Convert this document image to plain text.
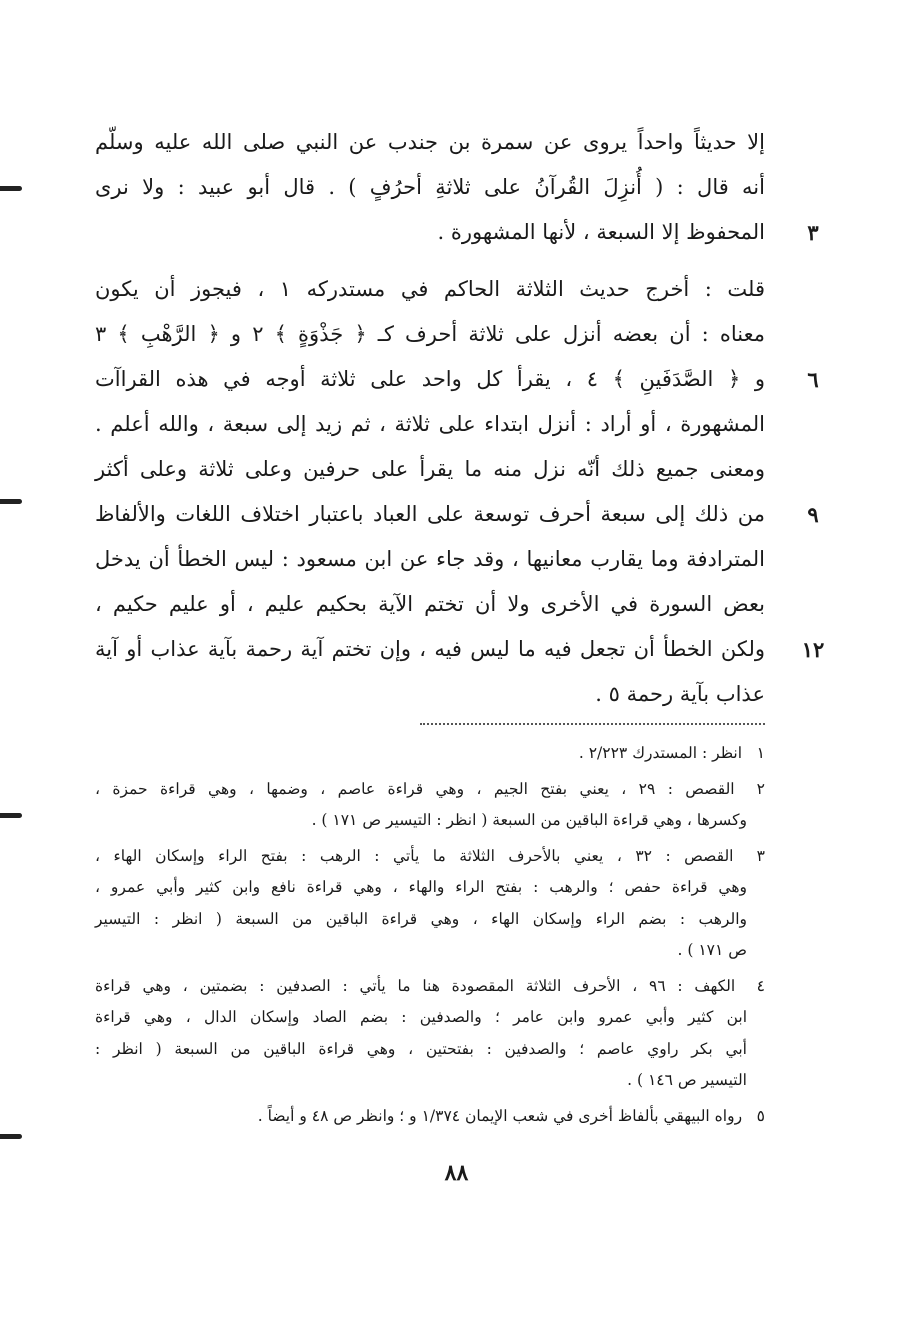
إلا حديثاً واحداً يروى عن سمرة بن جندب عن النبي صلى الله عليه وسلّم
أنه قال : ( أُنزِلَ القُرآنُ على ثلاثةِ أحرُفٍ ) . قال أبو عبيد : ولا نرى
المحفوظ إلا السبعة ، لأنها المشهورة .
قلت : أخرج حديث الثلاثة الحاكم في مستدركه ١ ، فيجوز أن يكون
معناه : أن بعضه أنزل على ثلاثة أحرف كـ ﴿ جَذْوَةٍ ﴾ ٢ و ﴿ الرَّهْبِ ﴾ ٣
و ﴿ الصَّدَفَينِ ﴾ ٤ ، يقرأ كل واحد على ثلاثة أوجه في هذه القراآت
المشهورة ، أو أراد : أنزل ابتداء على ثلاثة ، ثم زيد إلى سبعة ، والله أعلم .
ومعنى جميع ذلك أنّه نزل منه ما يقرأ على حرفين وعلى ثلاثة وعلى أكثر
من ذلك إلى سبعة أحرف توسعة على العباد باعتبار اختلاف اللغات والألفاظ
المترادفة وما يقارب معانيها ، وقد جاء عن ابن مسعود : ليس الخطأ أن يدخل
بعض السورة في الأخرى ولا أن تختم الآية بحكيم عليم ، أو عليم حكيم ،
ولكن الخطأ أن تجعل فيه ما ليس فيه ، وإن تختم آية رحمة بآية عذاب أو آية
عذاب بآية رحمة ٥ .
٣
٦
٩
١٢
١ انظر : المستدرك ٢/٢٢٣ .
٢ القصص : ٢٩ ، يعني بفتح الجيم ، وهي قراءة عاصم ، وضمها ، وهي قراءة حمزة ،
وكسرها ، وهي قراءة الباقين من السبعة ( انظر : التيسير ص ١٧١ ) .
٣ القصص : ٣٢ ، يعني بالأحرف الثلاثة ما يأتي : الرهب : بفتح الراء وإسكان الهاء ،
وهي قراءة حفص ؛ والرهب : بفتح الراء والهاء ، وهي قراءة نافع وابن كثير وأبي عمرو ،
والرهب : بضم الراء وإسكان الهاء ، وهي قراءة الباقين من السبعة ( انظر : التيسير
ص ١٧١ ) .
٤ الكهف : ٩٦ ، الأحرف الثلاثة المقصودة هنا ما يأتي : الصدفين : بضمتين ، وهي قراءة
ابن كثير وأبي عمرو وابن عامر ؛ والصدفين : بضم الصاد وإسكان الدال ، وهي قراءة
أبي بكر راوي عاصم ؛ والصدفين : بفتحتين ، وهي قراءة الباقين من السبعة ( انظر :
التيسير ص ١٤٦ ) .
٥ رواه البيهقي بألفاظ أخرى في شعب الإيمان ١/٣٧٤ و ؛ وانظر ص ٤٨ و أيضاً .
٨٨
